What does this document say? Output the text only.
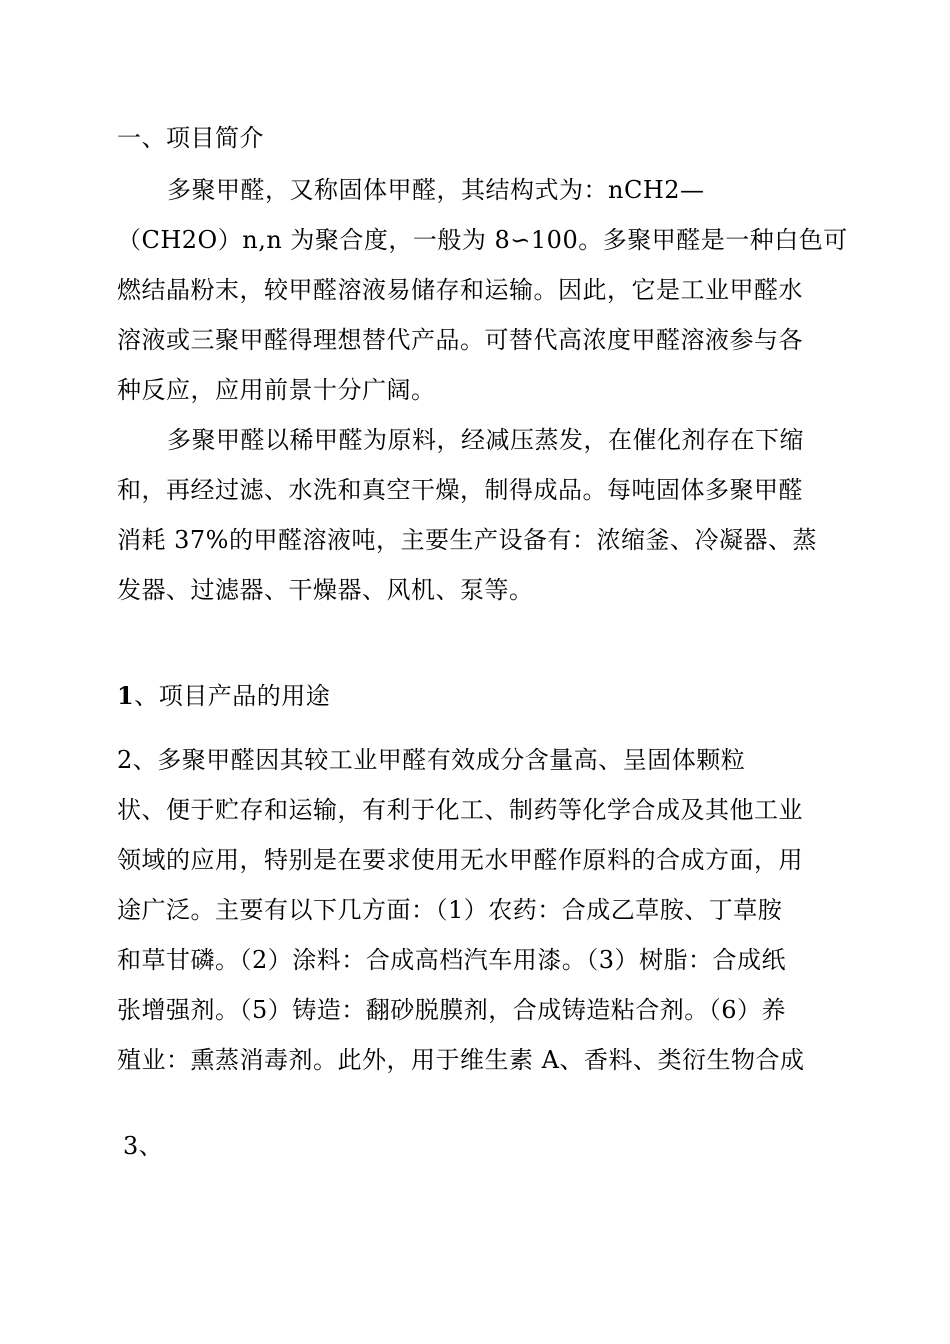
一、项目简介
多聚甲醛，又称固体甲醛，其结构式为：nCH2—
（CH2O）n,n 为聚合度，一般为 8∽100。多聚甲醛是一种白色可
燃结晶粉末，较甲醛溶液易储存和运输。因此，它是工业甲醛水
溶液或三聚甲醛得理想替代产品。可替代高浓度甲醛溶液参与各
种反应，应用前景十分广阔。
多聚甲醛以稀甲醛为原料，经减压蒸发，在催化剂存在下缩
和，再经过滤、水洗和真空干燥，制得成品。每吨固体多聚甲醛
消耗 37%的甲醛溶液吨，主要生产设备有：浓缩釜、冷凝器、蒸
发器、过滤器、干燥器、风机、泵等。
1、项目产品的用途
2、多聚甲醛因其较工业甲醛有效成分含量高、呈固体颗粒
状、便于贮存和运输，有利于化工、制药等化学合成及其他工业
领域的应用，特别是在要求使用无水甲醛作原料的合成方面，用
途广泛。主要有以下几方面：（1）农药：合成乙草胺、丁草胺
和草甘磷。（2）涂料：合成高档汽车用漆。（3）树脂：合成纸
张增强剂。（5）铸造：翻砂脱膜剂，合成铸造粘合剂。（6）养
殖业：熏蒸消毒剂。此外，用于维生素 A、香料、类衍生物合成
3、
